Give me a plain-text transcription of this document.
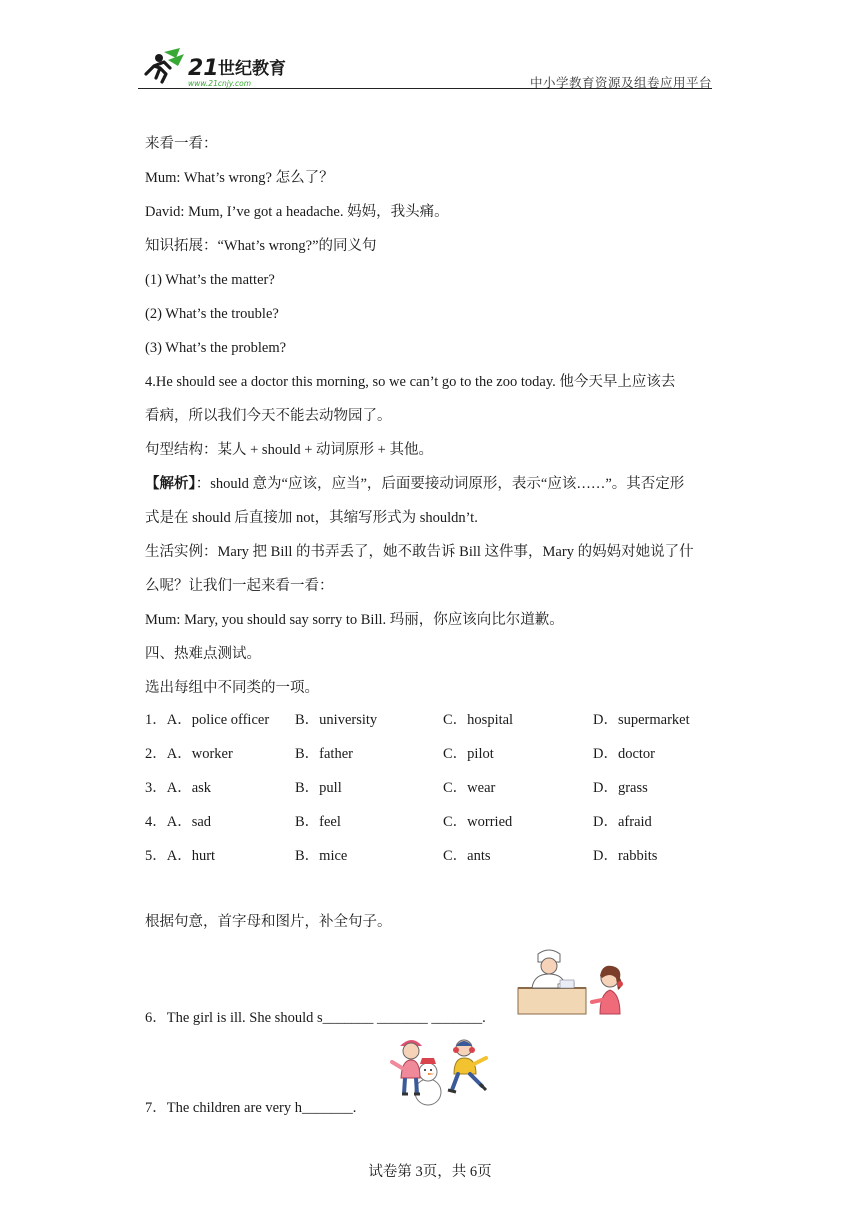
21 世纪教育
www.21cnjy.com	中小学教育资源及组卷应用平台
来看一看：
Mum: What’s wrong? 怎么了？
David: Mum, I’ve got a headache. 妈妈，我头痛。
知识拓展：“What’s wrong?”的同义句
(1) What’s the matter?
(2) What’s the trouble?
(3) What’s the problem?
4.He should see a doctor this morning, so we can’t go to the zoo today. 他今天早上应该去
看病，所以我们今天不能去动物园了。
句型结构：某人 + should + 动词原形 + 其他。
【解析】：should 意为“应该，应当”，后面要接动词原形，表示“应该……”。其否定形
式是在 should 后直接加 not，其缩写形式为 shouldn’t.
生活实例：Mary 把 Bill 的书弄丢了，她不敢告诉 Bill 这件事，Mary 的妈妈对她说了什
么呢？让我们一起来看一看：
Mum: Mary, you should say sorry to Bill. 玛丽，你应该向比尔道歉。
四、热难点测试。
选出每组中不同类的一项。
1．A．police officer B．university	C．hospital	D．supermarket
2．A．worker	B．father	C．pilot	D．doctor
3．A．ask	B．pull	C．wear	D．grass
4．A．sad	B．feel	C．worried	D．afraid
5．A．hurt	B．mice	C．ants	D．rabbits
根据句意，首字母和图片，补全句子。
6．The girl is ill. She should s_______ _______ _______.
7．The children are very h_______.
试卷第 3页，共 6页
